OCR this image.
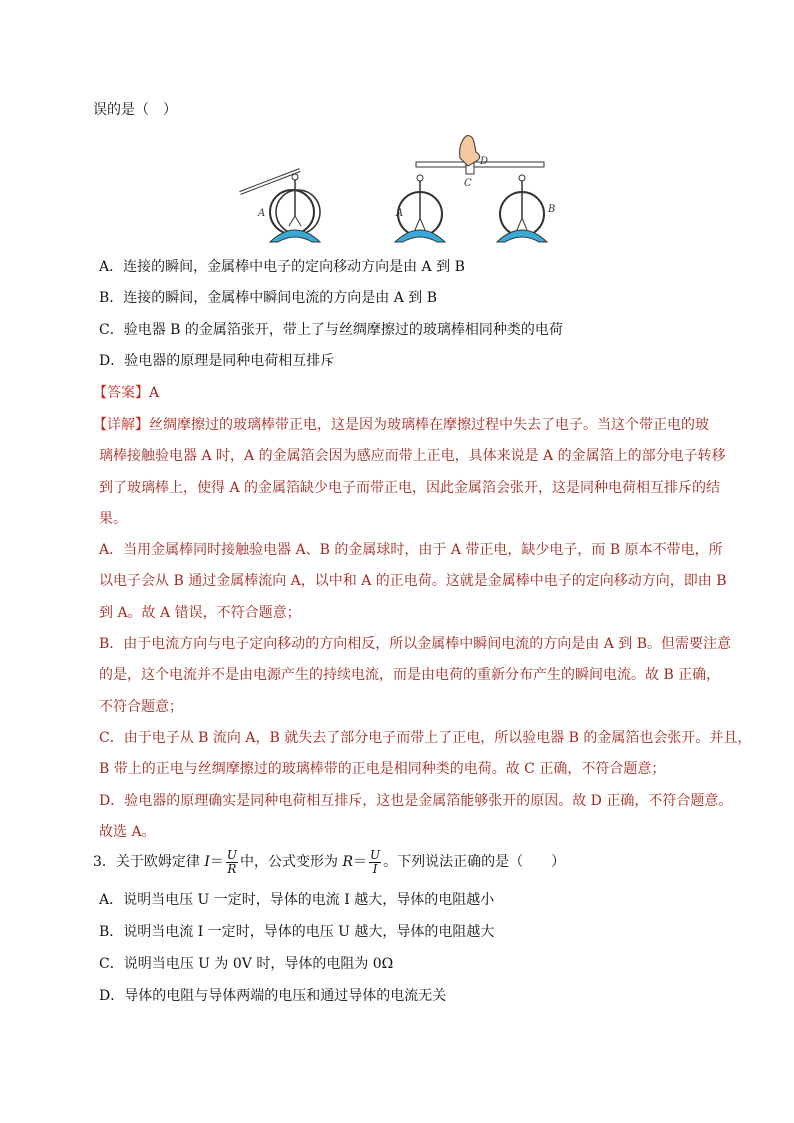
误的是（　）
A	A	B
C
D
A．连接的瞬间，金属棒中电子的定向移动方向是由 A 到 B
B．连接的瞬间，金属棒中瞬间电流的方向是由 A 到 B
C．验电器 B 的金属箔张开，带上了与丝绸摩擦过的玻璃棒相同种类的电荷
D．验电器的原理是同种电荷相互排斥
【答案】A
【详解】丝绸摩擦过的玻璃棒带正电，这是因为玻璃棒在摩擦过程中失去了电子。当这个带正电的玻
璃棒接触验电器 A 时，A 的金属箔会因为感应而带上正电，具体来说是 A 的金属箔上的部分电子转移
到了玻璃棒上，使得 A 的金属箔缺少电子而带正电，因此金属箔会张开，这是同种电荷相互排斥的结
果。
A．当用金属棒同时接触验电器 A、B 的金属球时，由于 A 带正电，缺少电子，而 B 原本不带电，所
以电子会从 B 通过金属棒流向 A，以中和 A 的正电荷。这就是金属棒中电子的定向移动方向，即由 B
到 A。故 A 错误，不符合题意；
B．由于电流方向与电子定向移动的方向相反，所以金属棒中瞬间电流的方向是由 A 到 B。但需要注意
的是，这个电流并不是由电源产生的持续电流，而是由电荷的重新分布产生的瞬间电流。故 B 正确，
不符合题意；
C．由于电子从 B 流向 A，B 就失去了部分电子而带上了正电，所以验电器 B 的金属箔也会张开。并且，
B 带上的正电与丝绸摩擦过的玻璃棒带的正电是相同种类的电荷。故 C 正确，不符合题意；
D．验电器的原理确实是同种电荷相互排斥，这也是金属箔能够张开的原因。故 D 正确，不符合题意。
故选 A。
3．关于欧姆定律 $I= \frac{U}{R}$ 中，公式变形为 $R= \frac{U}{I}$ 。下列说法正确的是（　　）
A．说明当电压 U 一定时，导体的电流 I 越大，导体的电阻越小
B．说明当电流 I 一定时，导体的电压 U 越大，导体的电阻越大
C．说明当电压 U 为 0V 时，导体的电阻为 0Ω
D．导体的电阻与导体两端的电压和通过导体的电流无关
